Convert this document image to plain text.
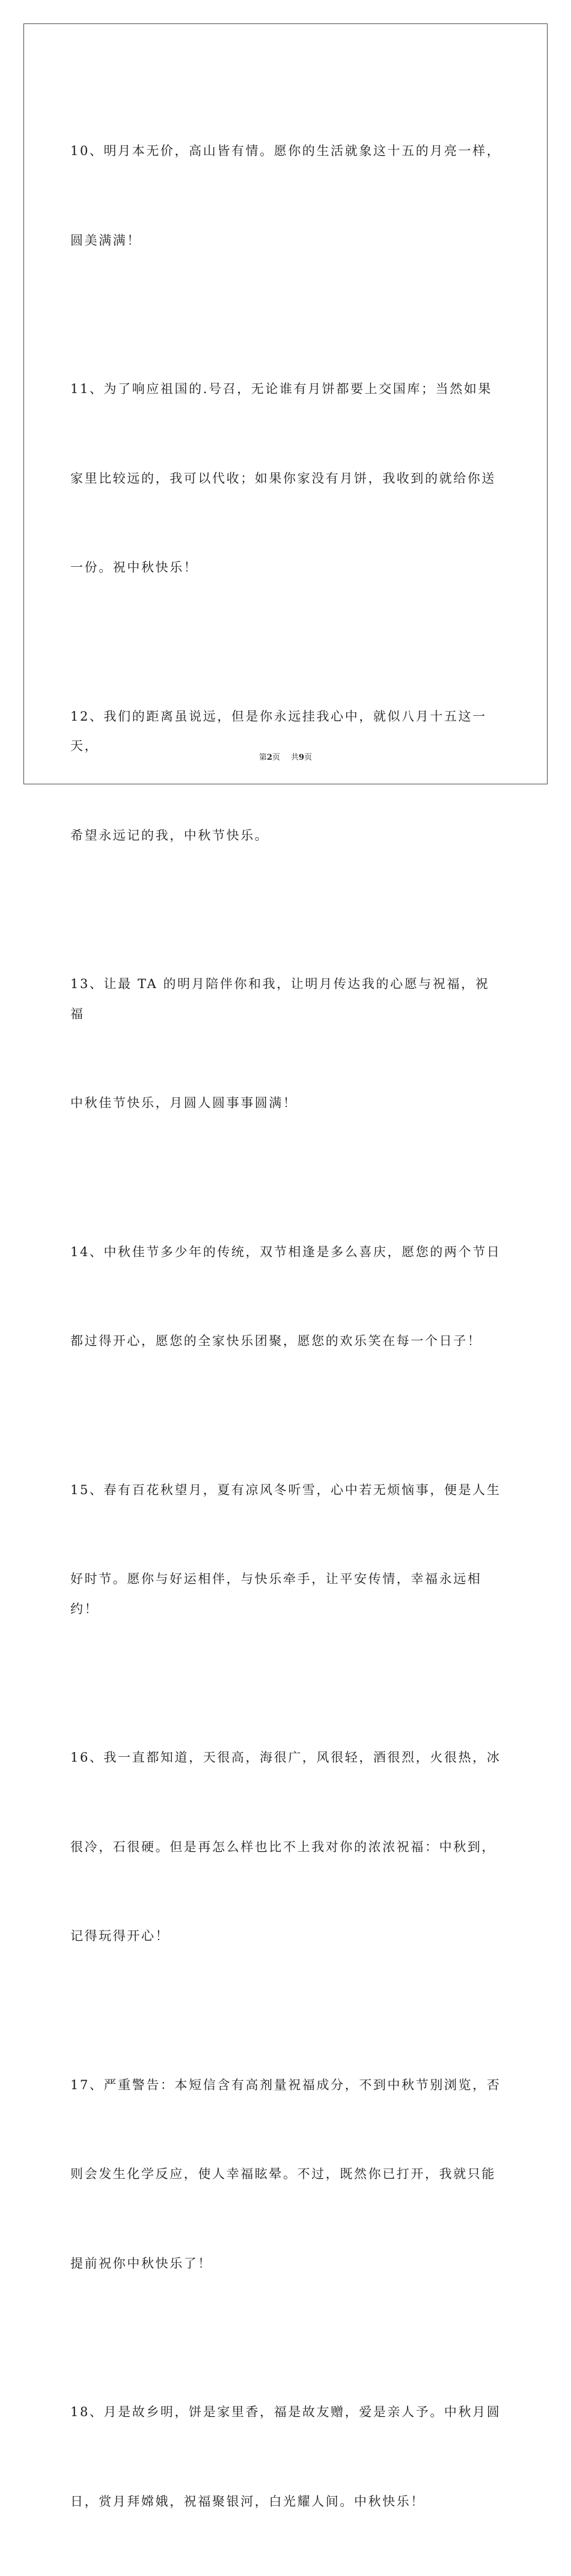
10、明月本无价，高山皆有情。愿你的生活就象这十五的月亮一样，

圆美满满！

11、为了响应祖国的.号召，无论谁有月饼都要上交国库；当然如果

家里比较远的，我可以代收；如果你家没有月饼，我收到的就给你送

一份。祝中秋快乐！

12、我们的距离虽说远，但是你永远挂我心中，就似八月十五这一天，

希望永远记的我，中秋节快乐。

13、让最 TA 的明月陪伴你和我，让明月传达我的心愿与祝福，祝福

中秋佳节快乐，月圆人圆事事圆满！

14、中秋佳节多少年的传统，双节相逢是多么喜庆，愿您的两个节日

都过得开心，愿您的全家快乐团聚，愿您的欢乐笑在每一个日子！

15、春有百花秋望月，夏有凉风冬听雪，心中若无烦恼事，便是人生

好时节。愿你与好运相伴，与快乐牵手，让平安传情，幸福永远相约！

16、我一直都知道，天很高，海很广，风很轻，酒很烈，火很热，冰

很冷，石很硬。但是再怎么样也比不上我对你的浓浓祝福：中秋到，

记得玩得开心！

17、严重警告：本短信含有高剂量祝福成分，不到中秋节别浏览，否

则会发生化学反应，使人幸福眩晕。不过，既然你已打开，我就只能

提前祝你中秋快乐了！

18、月是故乡明，饼是家里香，福是故友赠，爱是亲人予。中秋月圆

日，赏月拜嫦娥，祝福聚银河，白光耀人间。中秋快乐！

第2页 共9页
